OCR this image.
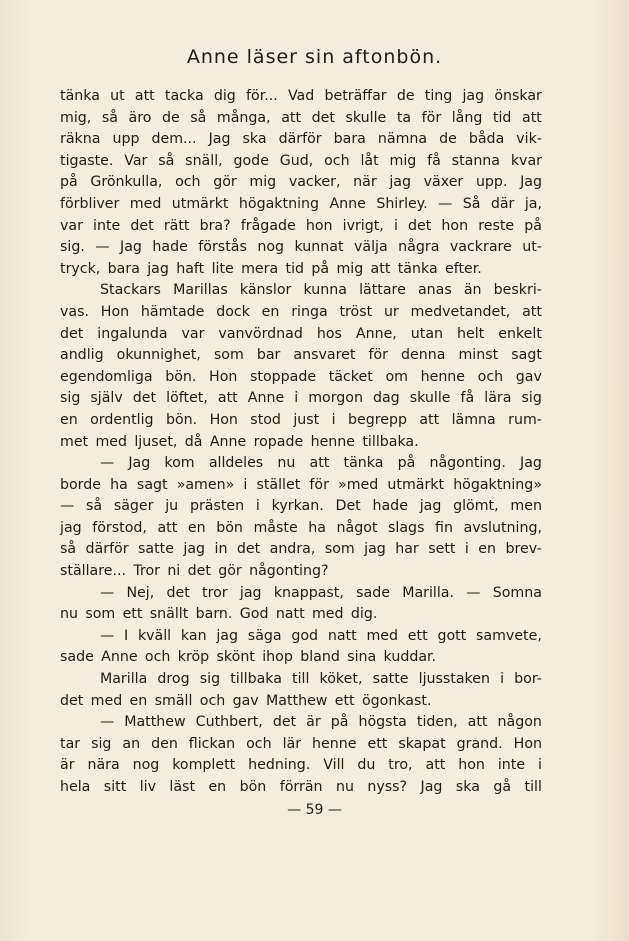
Anne läser sin aftonbön.
tänka ut att tacka dig för... Vad beträffar de ting jag önskar
mig, så äro de så många, att det skulle ta för lång tid att
räkna upp dem... Jag ska därför bara nämna de båda vik-
tigaste. Var så snäll, gode Gud, och låt mig få stanna kvar
på Grönkulla, och gör mig vacker, när jag växer upp. Jag
förbliver med utmärkt högaktning Anne Shirley. — Så där ja,
var inte det rätt bra? frågade hon ivrigt, i det hon reste på
sig. — Jag hade förstås nog kunnat välja några vackrare ut-
tryck, bara jag haft lite mera tid på mig att tänka efter.
Stackars Marillas känslor kunna lättare anas än beskri-
vas. Hon hämtade dock en ringa tröst ur medvetandet, att
det ingalunda var vanvördnad hos Anne, utan helt enkelt
andlig okunnighet, som bar ansvaret för denna minst sagt
egendomliga bön. Hon stoppade täcket om henne och gav
sig själv det löftet, att Anne i morgon dag skulle få lära sig
en ordentlig bön. Hon stod just i begrepp att lämna rum-
met med ljuset, då Anne ropade henne tillbaka.
— Jag kom alldeles nu att tänka på någonting. Jag
borde ha sagt »amen» i stället för »med utmärkt högaktning»
— så säger ju prästen i kyrkan. Det hade jag glömt, men
jag förstod, att en bön måste ha något slags fin avslutning,
så därför satte jag in det andra, som jag har sett i en brev-
ställare... Tror ni det gör någonting?
— Nej, det tror jag knappast, sade Marilla. — Somna
nu som ett snällt barn. God natt med dig.
— I kväll kan jag säga god natt med ett gott samvete,
sade Anne och kröp skönt ihop bland sina kuddar.
Marilla drog sig tillbaka till köket, satte ljusstaken i bor-
det med en smäll och gav Matthew ett ögonkast.
— Matthew Cuthbert, det är på högsta tiden, att någon
tar sig an den flickan och lär henne ett skapat grand. Hon
är nära nog komplett hedning. Vill du tro, att hon inte i
hela sitt liv läst en bön förrän nu nyss? Jag ska gå till
— 59 —
